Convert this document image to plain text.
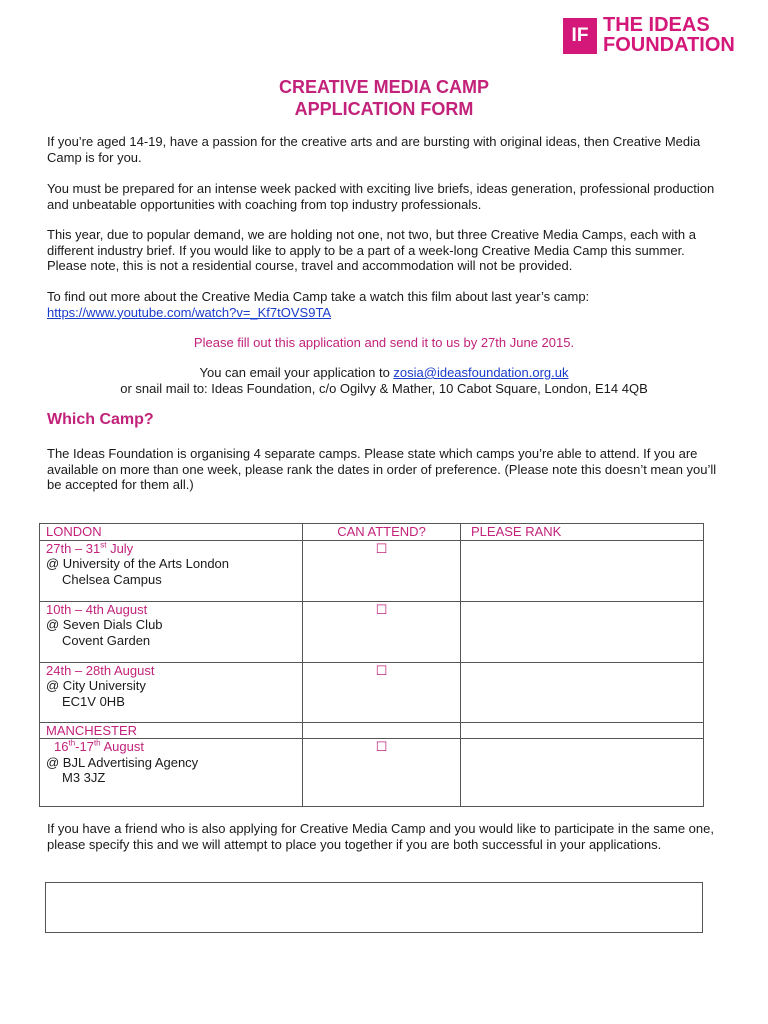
IF THE IDEAS
FOUNDATION
CREATIVE MEDIA CAMP
APPLICATION FORM
If you’re aged 14-19, have a passion for the creative arts and are bursting with original ideas, then Creative Media Camp is for you.
You must be prepared for an intense week packed with exciting live briefs, ideas generation, professional production and unbeatable opportunities with coaching from top industry professionals.
This year, due to popular demand, we are holding not one, not two, but three Creative Media Camps, each with a different industry brief. If you would like to apply to be a part of a week-long Creative Media Camp this summer. Please note, this is not a residential course, travel and accommodation will not be provided.
To find out more about the Creative Media Camp take a watch this film about last year’s camp:
https://www.youtube.com/watch?v=_Kf7tOVS9TA
Please fill out this application and send it to us by 27th June 2015.
You can email your application to zosia@ideasfoundation.org.uk
or snail mail to: Ideas Foundation, c/o Ogilvy & Mather, 10 Cabot Square, London, E14 4QB
Which Camp?
The Ideas Foundation is organising 4 separate camps. Please state which camps you’re able to attend. If you are available on more than one week, please rank the dates in order of preference. (Please note this doesn’t mean you’ll be accepted for them all.)
LONDON	CAN ATTEND?	PLEASE RANK

27th – 31st July
@ University of the Arts London
Chelsea Campus	☐	

10th – 4th August
@ Seven Dials Club
Covent Garden	☐	

24th – 28th August
@ City University
EC1V 0HB	☐	
MANCHESTER		

16th-17th August
@ BJL Advertising Agency
M3 3JZ	☐	
If you have a friend who is also applying for Creative Media Camp and you would like to participate in the same one, please specify this and we will attempt to place you together if you are both successful in your applications.
